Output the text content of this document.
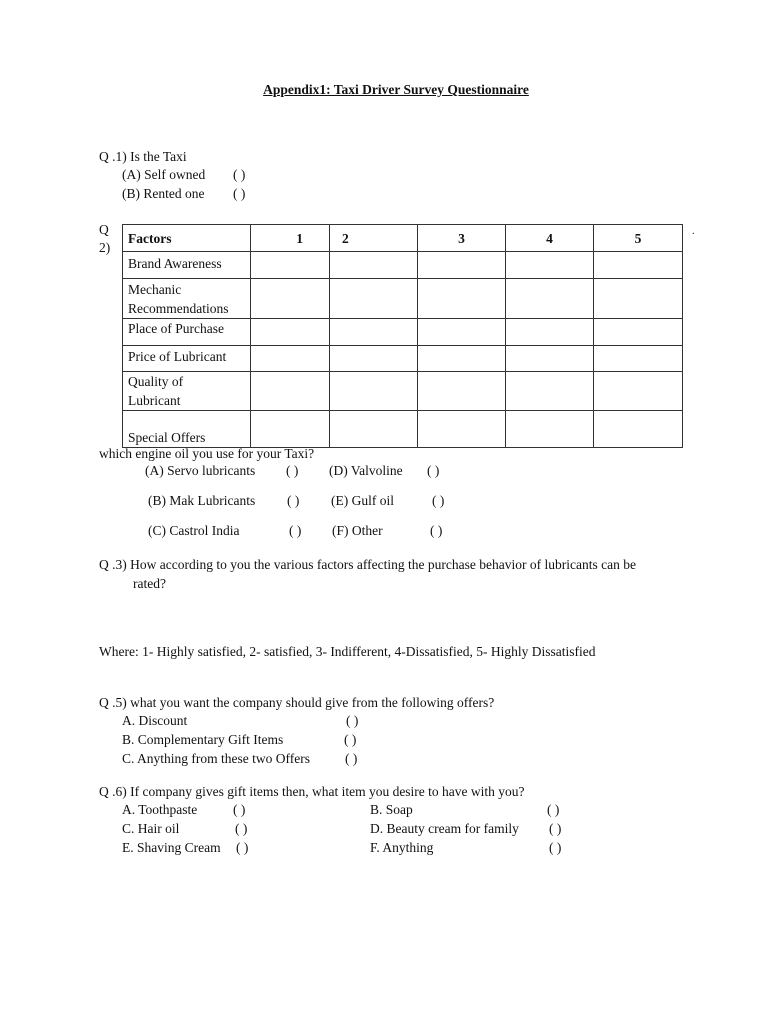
Appendix1: Taxi Driver Survey Questionnaire
Q .1) Is the Taxi
(A) Self owned ( )
(B) Rented one ( )
Q
2)
.
Factors	1	2	3	4	5
Brand Awareness					
Mechanic Recommendations					
Place of Purchase					
Price of Lubricant					
Quality of Lubricant					
Special Offers					
which engine oil you use for your Taxi?
(A) Servo lubricants ( ) (D) Valvoline ( )
(B) Mak Lubricants ( ) (E) Gulf oil	( )
(C) Castrol India	( ) (F) Other	( )
Q .3) How according to you the various factors affecting the purchase behavior of lubricants can be
rated?
Where: 1- Highly satisfied, 2- satisfied, 3- Indifferent, 4-Dissatisfied, 5- Highly Dissatisfied
Q .5) what you want the company should give from the following offers?
A. Discount	( )
B. Complementary Gift Items	( )
C. Anything from these two Offers	( )
Q .6) If company gives gift items then, what item you desire to have with you?
A. Toothpaste	( )	B. Soap	( )
C. Hair oil	( )	D. Beauty cream for family ( )
E. Shaving Cream ( )	F. Anything	( )
